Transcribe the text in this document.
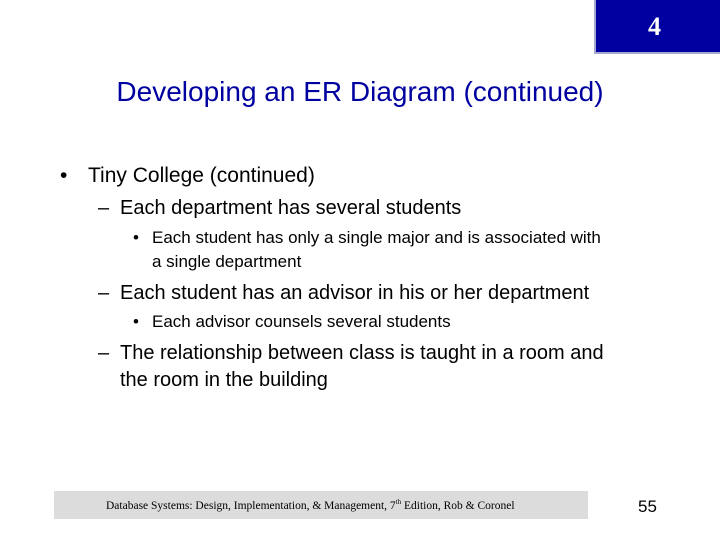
4
Developing an ER Diagram (continued)
• Tiny College (continued)
– Each department has several students
• Each student has only a single major and is associated with
a single department
– Each student has an advisor in his or her department
• Each advisor counsels several students
– The relationship between class is taught in a room and
the room in the building
Database Systems: Design, Implementation, & Management, 7th Edition, Rob & Coronel	55
